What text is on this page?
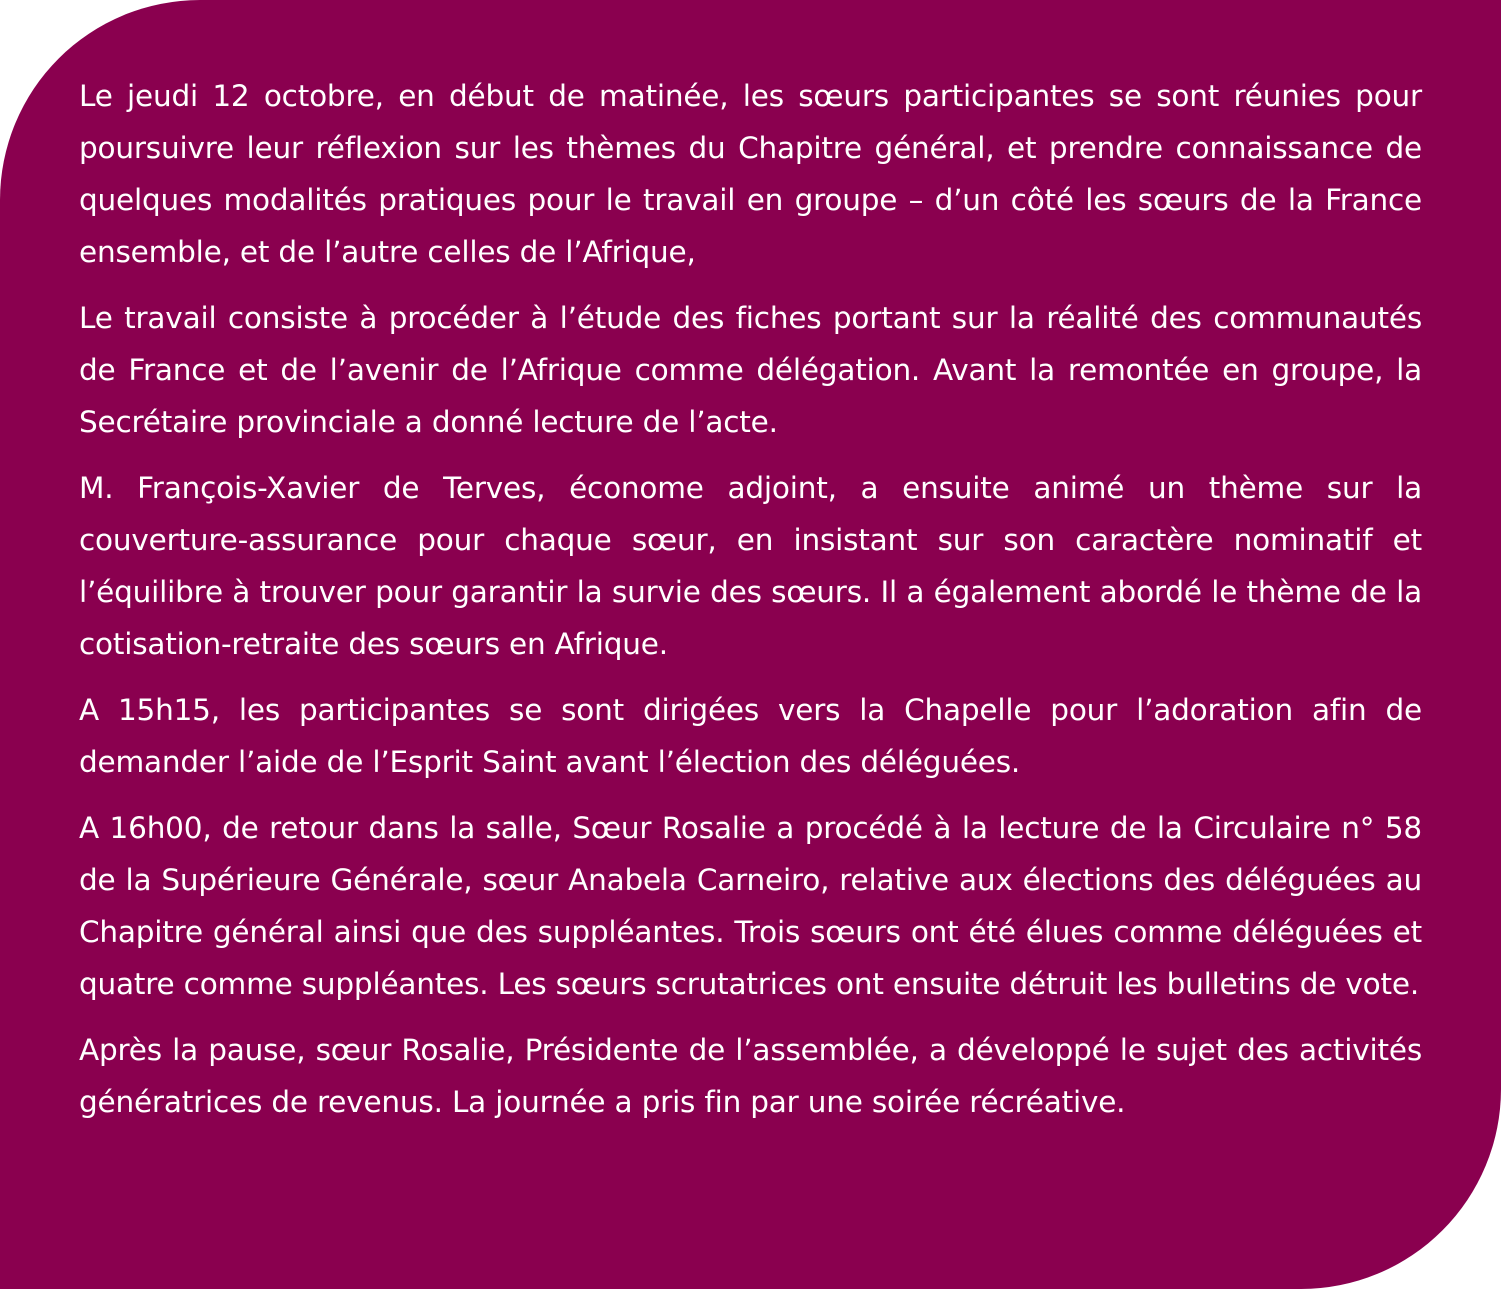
Le jeudi 12 octobre, en début de matinée, les sœurs participantes se sont réunies pour poursuivre leur réflexion sur les thèmes du Chapitre général, et prendre connaissance de quelques modalités pratiques pour le travail en groupe – d’un côté les sœurs de la France ensemble, et de l’autre celles de l’Afrique,

Le travail consiste à procéder à l’étude des fiches portant sur la réalité des communautés de France et de l’avenir de l’Afrique comme délégation. Avant la remontée en groupe, la Secrétaire provinciale a donné lecture de l’acte.

M. François-Xavier de Terves, économe adjoint, a ensuite animé un thème sur la couverture-assurance pour chaque sœur, en insistant sur son caractère nominatif et l’équilibre à trouver pour garantir la survie des sœurs. Il a également abordé le thème de la cotisation-retraite des sœurs en Afrique.

A 15h15, les participantes se sont dirigées vers la Chapelle pour l’adoration afin de demander l’aide de l’Esprit Saint avant l’élection des déléguées.

A 16h00, de retour dans la salle, Sœur Rosalie a procédé à la lecture de la Circulaire n° 58 de la Supérieure Générale, sœur Anabela Carneiro, relative aux élections des déléguées au Chapitre général ainsi que des suppléantes. Trois sœurs ont été élues comme déléguées et quatre comme suppléantes. Les sœurs scrutatrices ont ensuite détruit les bulletins de vote.

Après la pause, sœur Rosalie, Présidente de l’assemblée, a développé le sujet des activités génératrices de revenus. La journée a pris fin par une soirée récréative.
